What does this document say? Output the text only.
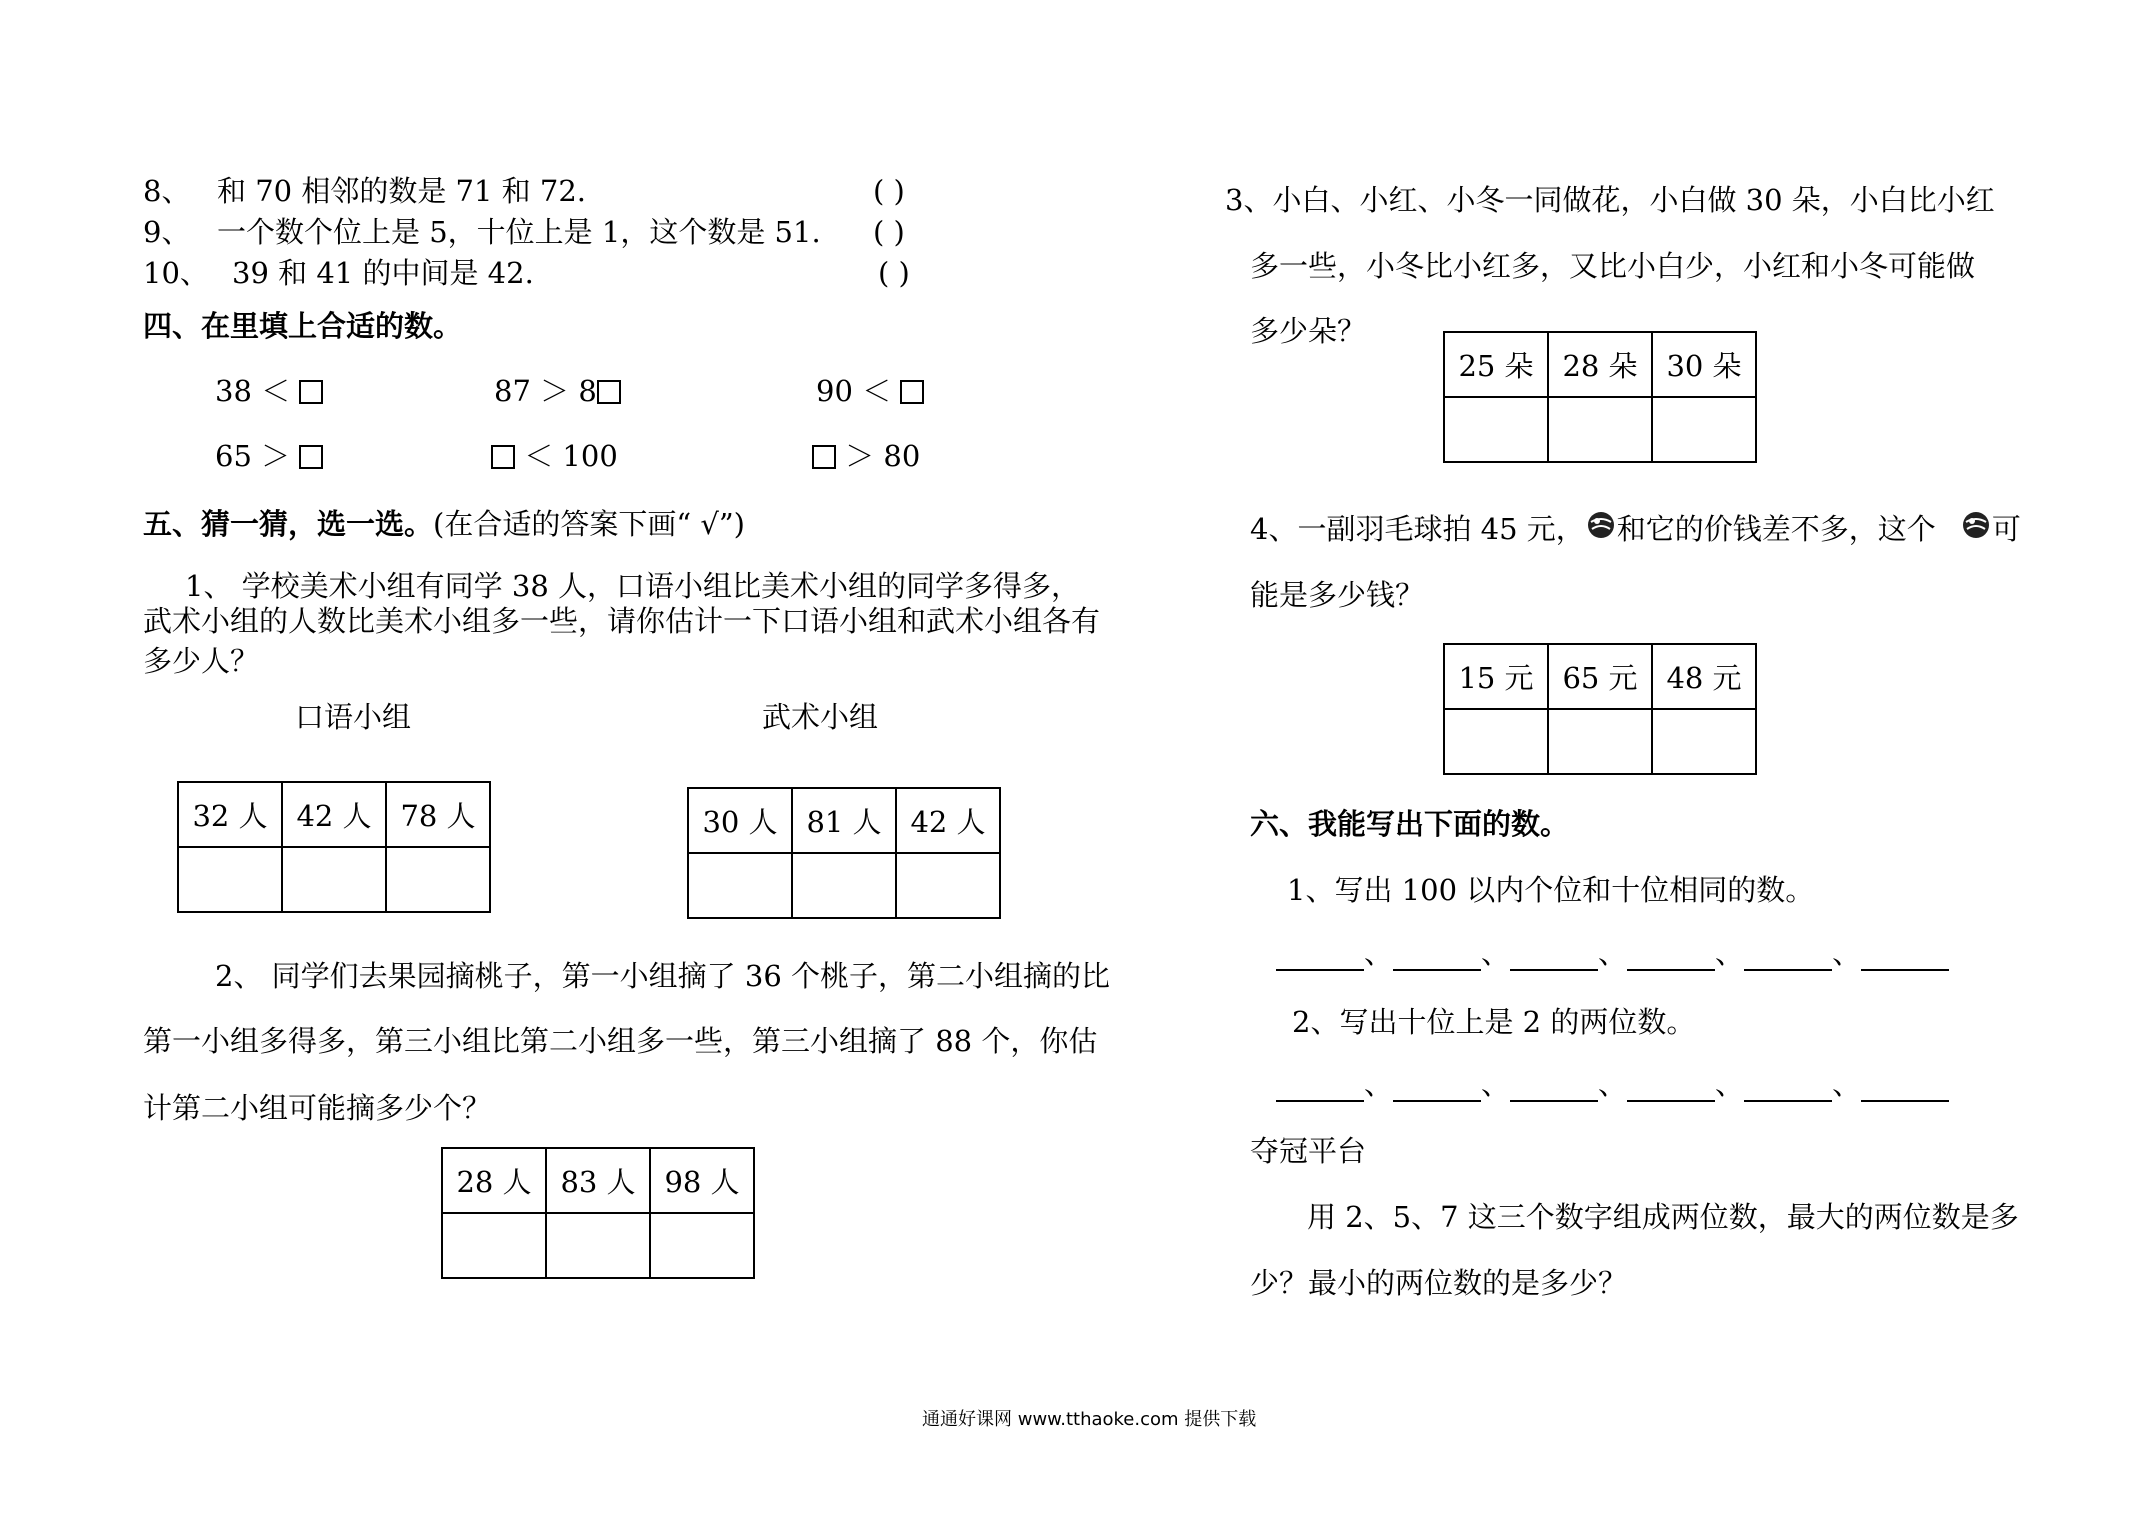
8、 和 70 相邻的数是 71 和 72.	( )
9、 一个数个位上是 5，十位上是 1，这个数是 51. ( )
10、 39 和 41 的中间是 42.	( )
四、在里填上合适的数。
38 ＜	87 ＞ 8	90 ＜
65 ＞	＜ 100	＞ 80
五、猜一猜，选一选。(在合适的答案下画“ √”)
1、 学校美术小组有同学 38 人，口语小组比美术小组的同学多得多，
武术小组的人数比美术小组多一些，请你估计一下口语小组和武术小组各有
多少人？
口语小组	武术小组
32 人	42 人	78 人
			30 人	81 人	42 人

2、 同学们去果园摘桃子，第一小组摘了 36 个桃子，第二小组摘的比
第一小组多得多，第三小组比第二小组多一些，第三小组摘了 88 个，你估
计第二小组可能摘多少个？
28 人	83 人	98 人

3、小白、小红、小冬一同做花，小白做 30 朵，小白比小红
多一些，小冬比小红多，又比小白少，小红和小冬可能做
多少朵？
25 朵	28 朵	30 朵

4、一副羽毛球拍 45 元， 和它的价钱差不多，这个 可
能是多少钱？
15 元	65 元	48 元

六、我能写出下面的数。
1、写出 100 以内个位和十位相同的数。
、	、	、	、	、
2、写出十位上是 2 的两位数。
、	、	、	、	、
夺冠平台
用 2、5、7 这三个数字组成两位数，最大的两位数是多
少？最小的两位数的是多少？
通通好课网 www.tthaoke.com 提供下载
